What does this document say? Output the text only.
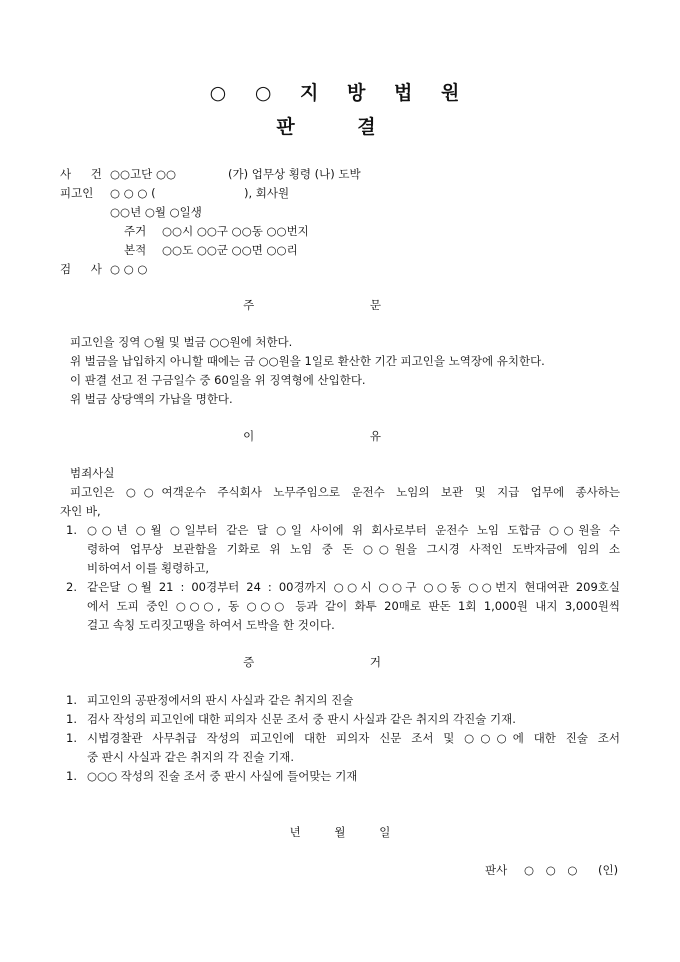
○ ○ 지 방 법 원
판 결
사 건 ○○고단 ○○	(가) 업무상 횡령 (나) 도박
피고인 ○ ○ ○ (	), 회사원
○○년 ○월 ○일생
주거 ○○시 ○○구 ○○동 ○○번지
본적 ○○도 ○○군 ○○면 ○○리
검 사 ○ ○ ○
주 문
피고인을 징역 ○월 및 벌금 ○○원에 처한다.
위 벌금을 납입하지 아니할 때에는 금 ○○원을 1일로 환산한 기간 피고인을 노역장에 유치한다.
이 판결 선고 전 구금일수 중 60일을 위 징역형에 산입한다.
위 벌금 상당액의 가납을 명한다.
이 유
범죄사실
피고인은 ○○여객운수 주식회사 노무주임으로 운전수 노임의 보관 및 지급 업무에 종사하는
자인 바,
1. ○○년 ○월 ○일부터 같은 달 ○일 사이에 위 회사로부터 운전수 노임 도합금 ○○원을 수
령하여 업무상 보관함을 기화로 위 노임 중 돈 ○○원을 그시경 사적인 도박자금에 임의 소
비하여서 이를 횡령하고,
2. 같은달 ○월 21 : 00경부터 24 : 00경까지 ○○시 ○○구 ○○동 ○○번지 현대여관 209호실
에서 도피 중인 ○○○, 동 ○○○ 등과 같이 화투 20매로 판돈 1회 1,000원 내지 3,000원씩
걸고 속칭 도리짓고땡을 하여서 도박을 한 것이다.
증 거
1. 피고인의 공판정에서의 판시 사실과 같은 취지의 진술
1. 검사 작성의 피고인에 대한 피의자 신문 조서 중 판시 사실과 같은 취지의 각진술 기재.
1. 시법경찰관 사무취급 작성의 피고인에 대한 피의자 신문 조서 및 ○○○에 대한 진술 조서
중 판시 사실과 같은 취지의 각 진술 기재.
1. ○○○ 작성의 진술 조서 중 판시 사실에 들어맞는 기재
년 월 일
판사 ○ ○ ○ (인)
